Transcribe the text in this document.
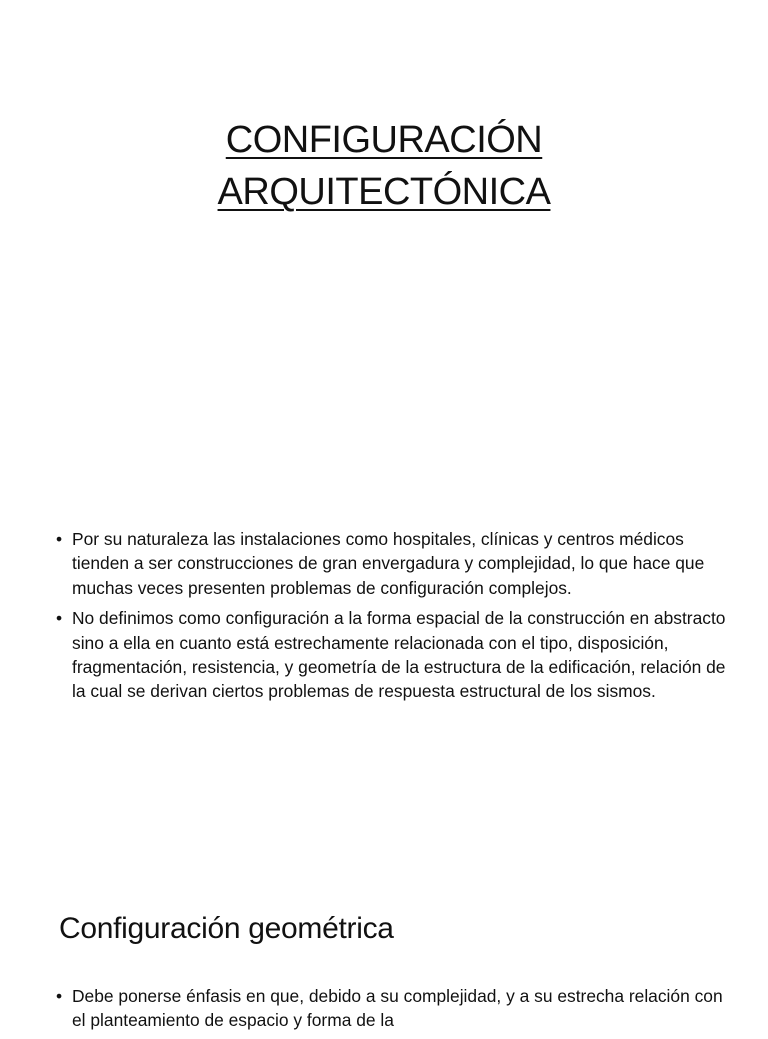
CONFIGURACIÓN
ARQUITECTÓNICA
• Por su naturaleza las instalaciones como hospitales, clínicas y centros médicos tienden a ser construcciones de gran envergadura y complejidad, lo que hace que muchas veces presenten problemas de configuración complejos.
• No definimos como configuración a la forma espacial de la construcción en abstracto sino a ella en cuanto está estrechamente relacionada con el tipo, disposición, fragmentación, resistencia, y geometría de la estructura de la edificación, relación de la cual se derivan ciertos problemas de respuesta estructural de los sismos.
Configuración geométrica
• Debe ponerse énfasis en que, debido a su complejidad, y a su estrecha relación con el planteamiento de espacio y forma de la
